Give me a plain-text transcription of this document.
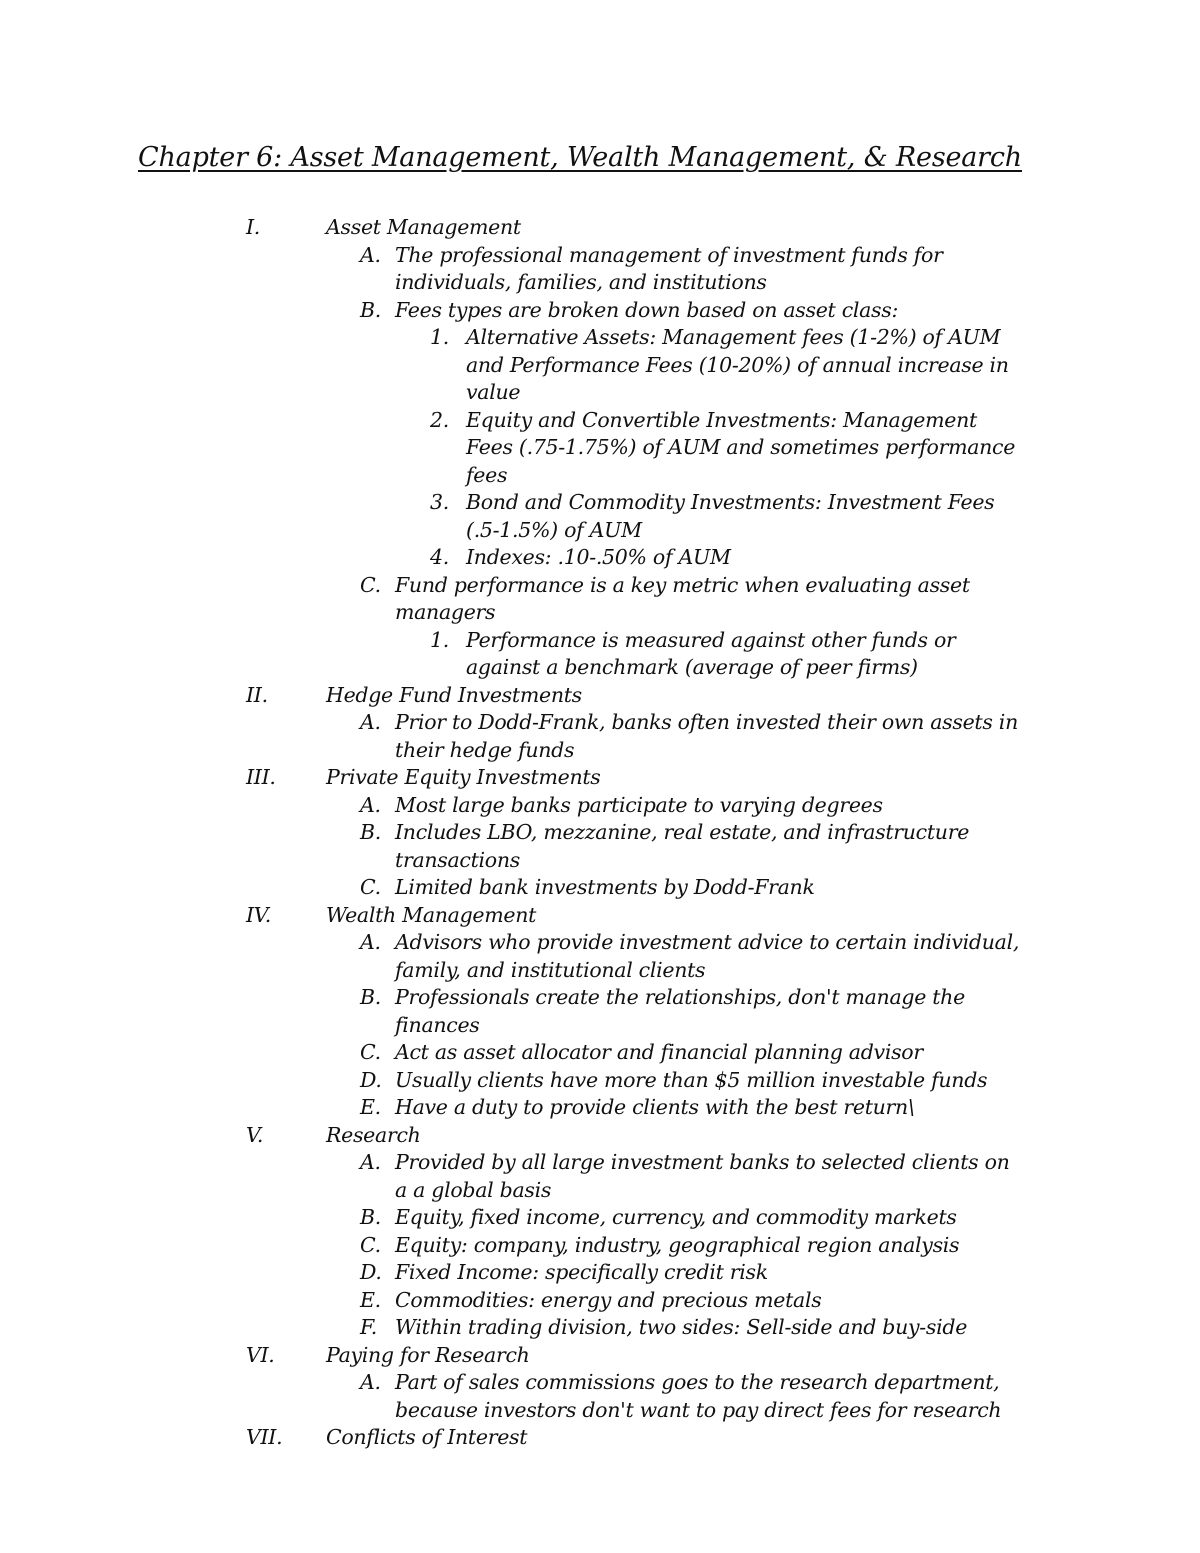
Chapter 6: Asset Management, Wealth Management, & Research
I.	Asset Management
A. The professional management of investment funds for individuals, families, and institutions
B. Fees types are broken down based on asset class:
1. Alternative Assets: Management fees (1-2%) of AUM and Performance Fees (10-20%) of annual increase in value
2. Equity and Convertible Investments: Management Fees (.75-1.75%) of AUM and sometimes performance fees
3. Bond and Commodity Investments: Investment Fees (.5-1.5%) of AUM
4. Indexes: .10-.50% of AUM
C. Fund performance is a key metric when evaluating asset managers
1. Performance is measured against other funds or against a benchmark (average of peer firms)
II.	Hedge Fund Investments
A. Prior to Dodd-Frank, banks often invested their own assets in their hedge funds
III. Private Equity Investments
A. Most large banks participate to varying degrees
B. Includes LBO, mezzanine, real estate, and infrastructure transactions
C. Limited bank investments by Dodd-Frank
IV.	Wealth Management
A. Advisors who provide investment advice to certain individual, family, and institutional clients
B. Professionals create the relationships, don't manage the finances
C. Act as asset allocator and financial planning advisor
D. Usually clients have more than $5 million investable funds
E. Have a duty to provide clients with the best return\
V.	Research
A. Provided by all large investment banks to selected clients on a a global basis
B. Equity, fixed income, currency, and commodity markets
C. Equity: company, industry, geographical region analysis
D. Fixed Income: specifically credit risk
E. Commodities: energy and precious metals
F. Within trading division, two sides: Sell-side and buy-side
VI.	Paying for Research
A. Part of sales commissions goes to the research department, because investors don't want to pay direct fees for research
VII. Conflicts of Interest
